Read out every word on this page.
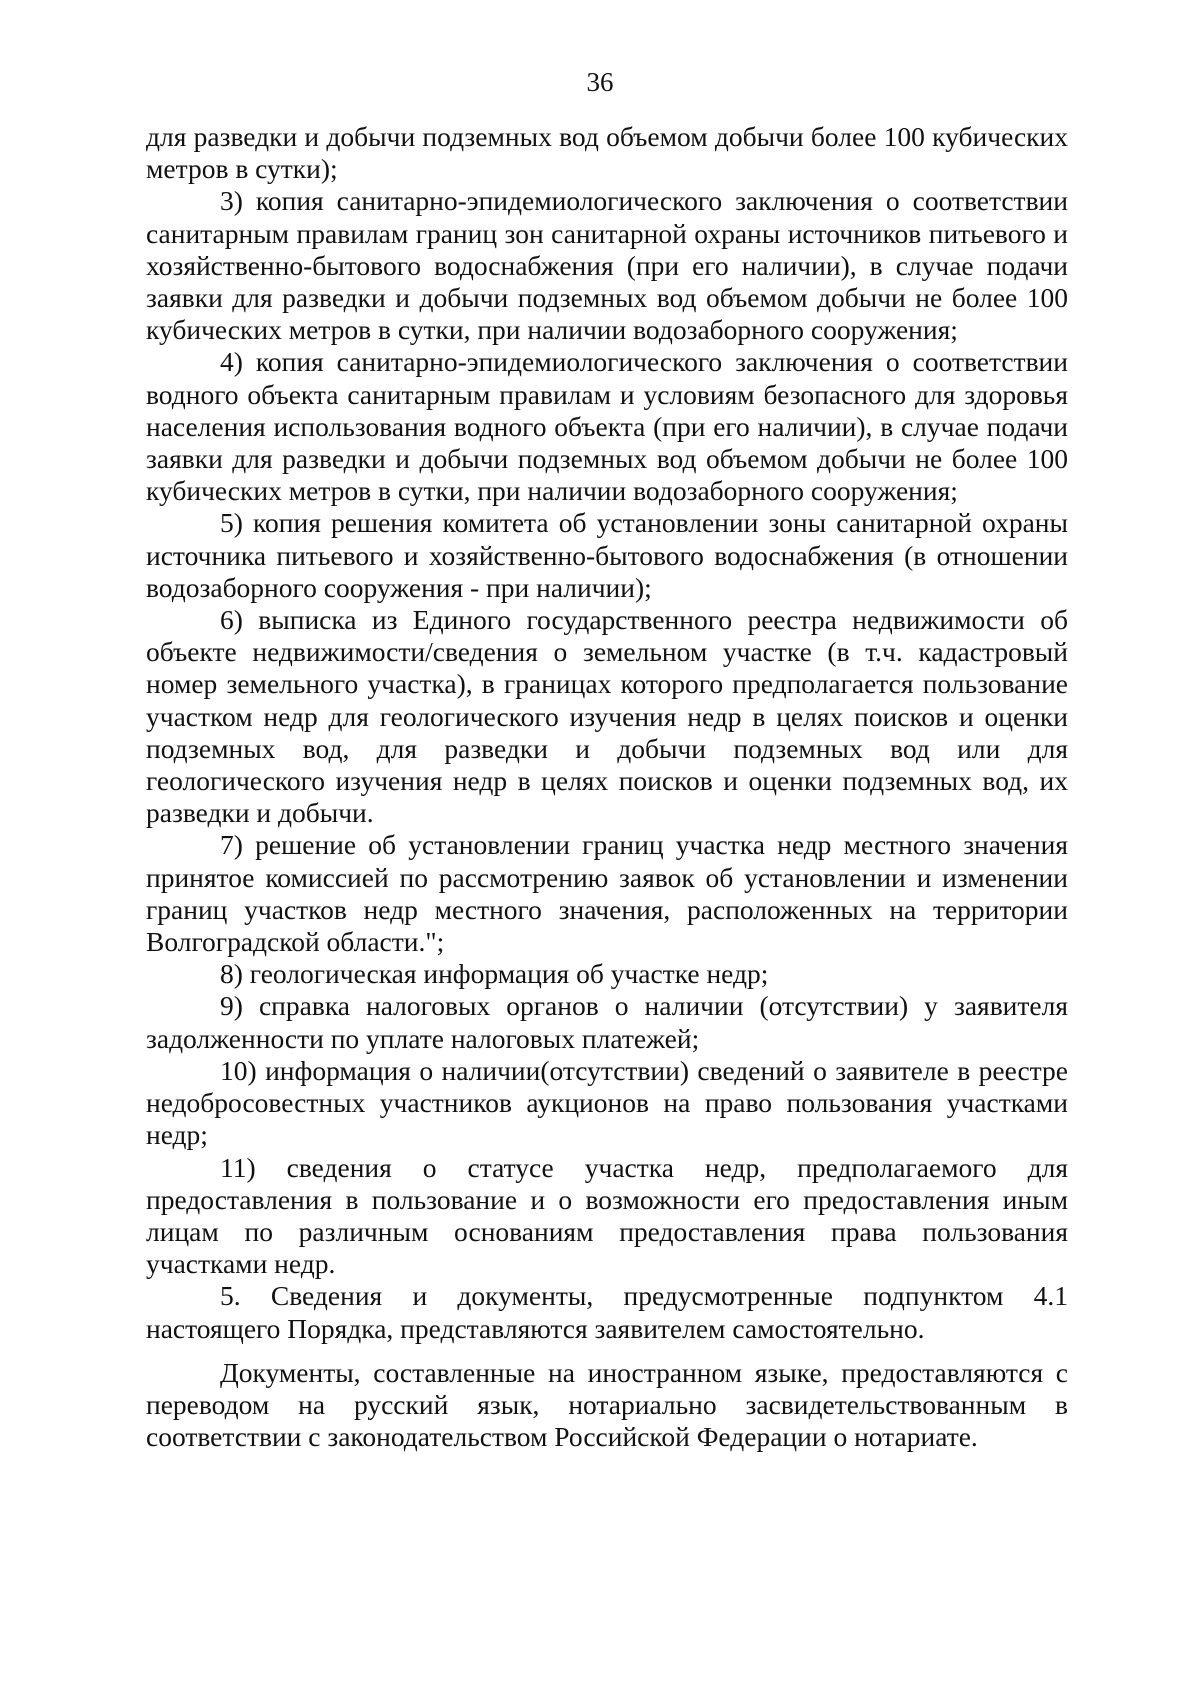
36

для разведки и добычи подземных вод объемом добычи более 100 кубических метров в сутки);

3) копия санитарно-эпидемиологического заключения о соответствии санитарным правилам границ зон санитарной охраны источников питьевого и хозяйственно-бытового водоснабжения (при его наличии), в случае подачи заявки для разведки и добычи подземных вод объемом добычи не более 100 кубических метров в сутки, при наличии водозаборного сооружения;

4) копия санитарно-эпидемиологического заключения о соответствии водного объекта санитарным правилам и условиям безопасного для здоровья населения использования водного объекта (при его наличии), в случае подачи заявки для разведки и добычи подземных вод объемом добычи не более 100 кубических метров в сутки, при наличии водозаборного сооружения;

5) копия решения комитета об установлении зоны санитарной охраны источника питьевого и хозяйственно-бытового водоснабжения (в отношении водозаборного сооружения - при наличии);

6) выписка из Единого государственного реестра недвижимости об объекте недвижимости/сведения о земельном участке (в т.ч. кадастровый номер земельного участка), в границах которого предполагается пользование участком недр для геологического изучения недр в целях поисков и оценки подземных вод, для разведки и добычи подземных вод или для геологического изучения недр в целях поисков и оценки подземных вод, их разведки и добычи.

7) решение об установлении границ участка недр местного значения принятое комиссией по рассмотрению заявок об установлении и изменении границ участков недр местного значения, расположенных на территории Волгоградской области.";

8) геологическая информация об участке недр;

9) справка налоговых органов о наличии (отсутствии) у заявителя задолженности по уплате налоговых платежей;

10) информация о наличии(отсутствии) сведений о заявителе в реестре недобросовестных участников аукционов на право пользования участками недр;

11) сведения о статусе участка недр, предполагаемого для предоставления в пользование и о возможности его предоставления иным лицам по различным основаниям предоставления права пользования участками недр.

5. Сведения и документы, предусмотренные подпунктом 4.1 настоящего Порядка, представляются заявителем самостоятельно.

Документы, составленные на иностранном языке, предоставляются с переводом на русский язык, нотариально засвидетельствованным в соответствии с законодательством Российской Федерации о нотариате.
